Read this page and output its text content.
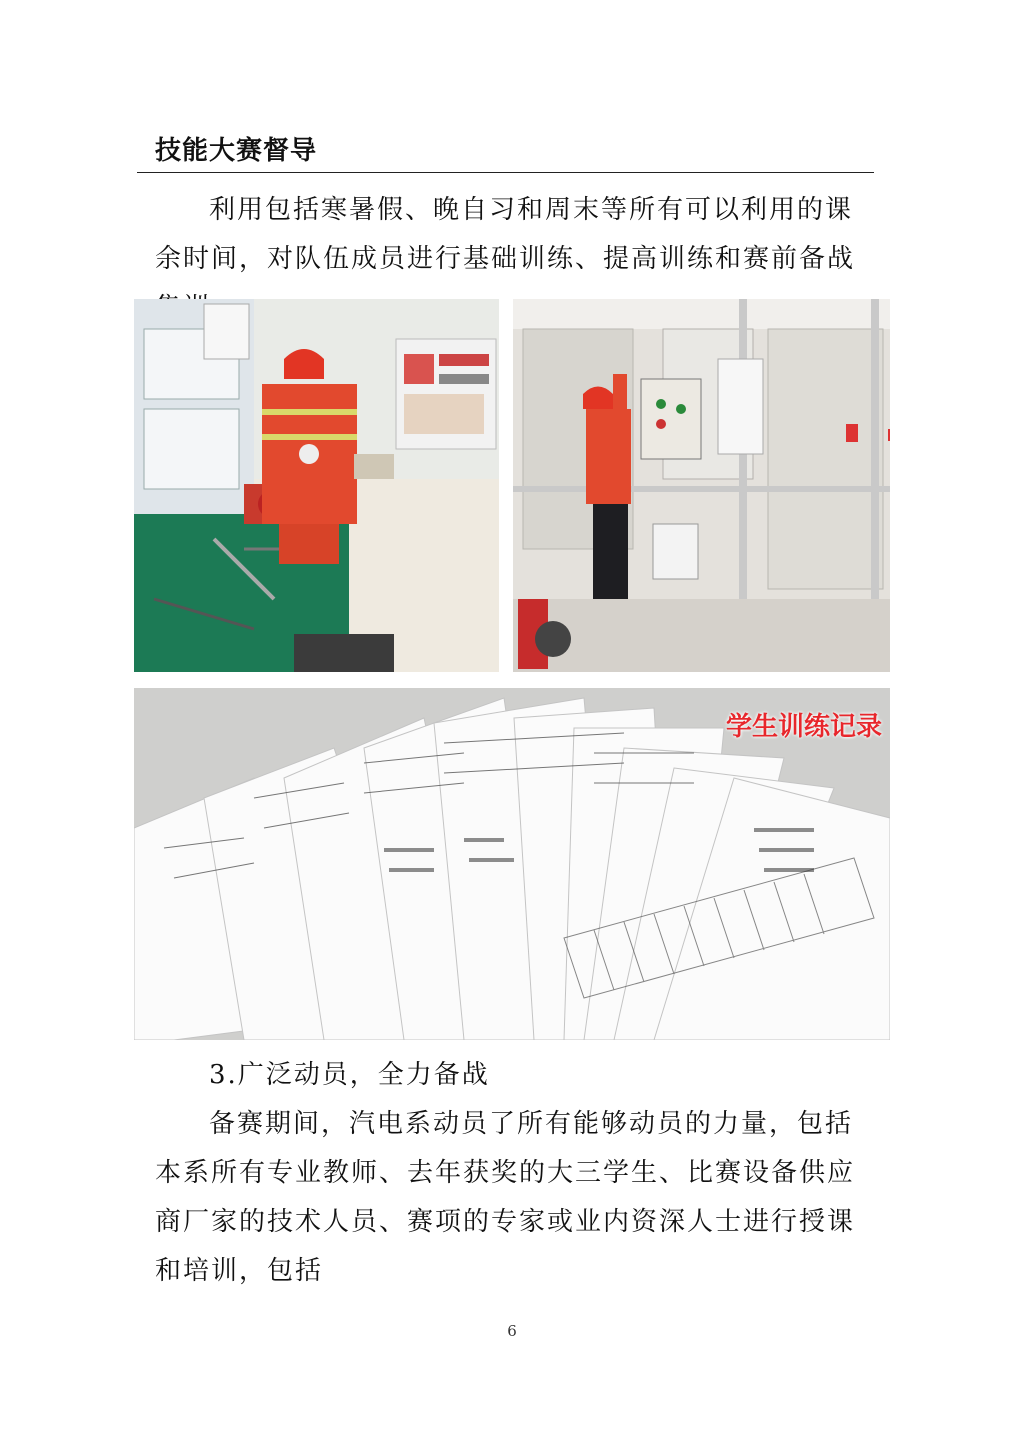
技能大赛督导

利用包括寒暑假、晚自习和周末等所有可以利用的课余时间，对队伍成员进行基础训练、提高训练和赛前备战

学生训练记录
3.广泛动员，全力备战

备赛期间，汽电系动员了所有能够动员的力量，包括本系所有专业教师、去年获奖的大三学生、比赛设备供应商厂家的技术人员、赛项的专家或业内资深人士进行授课和培训，包括

6
